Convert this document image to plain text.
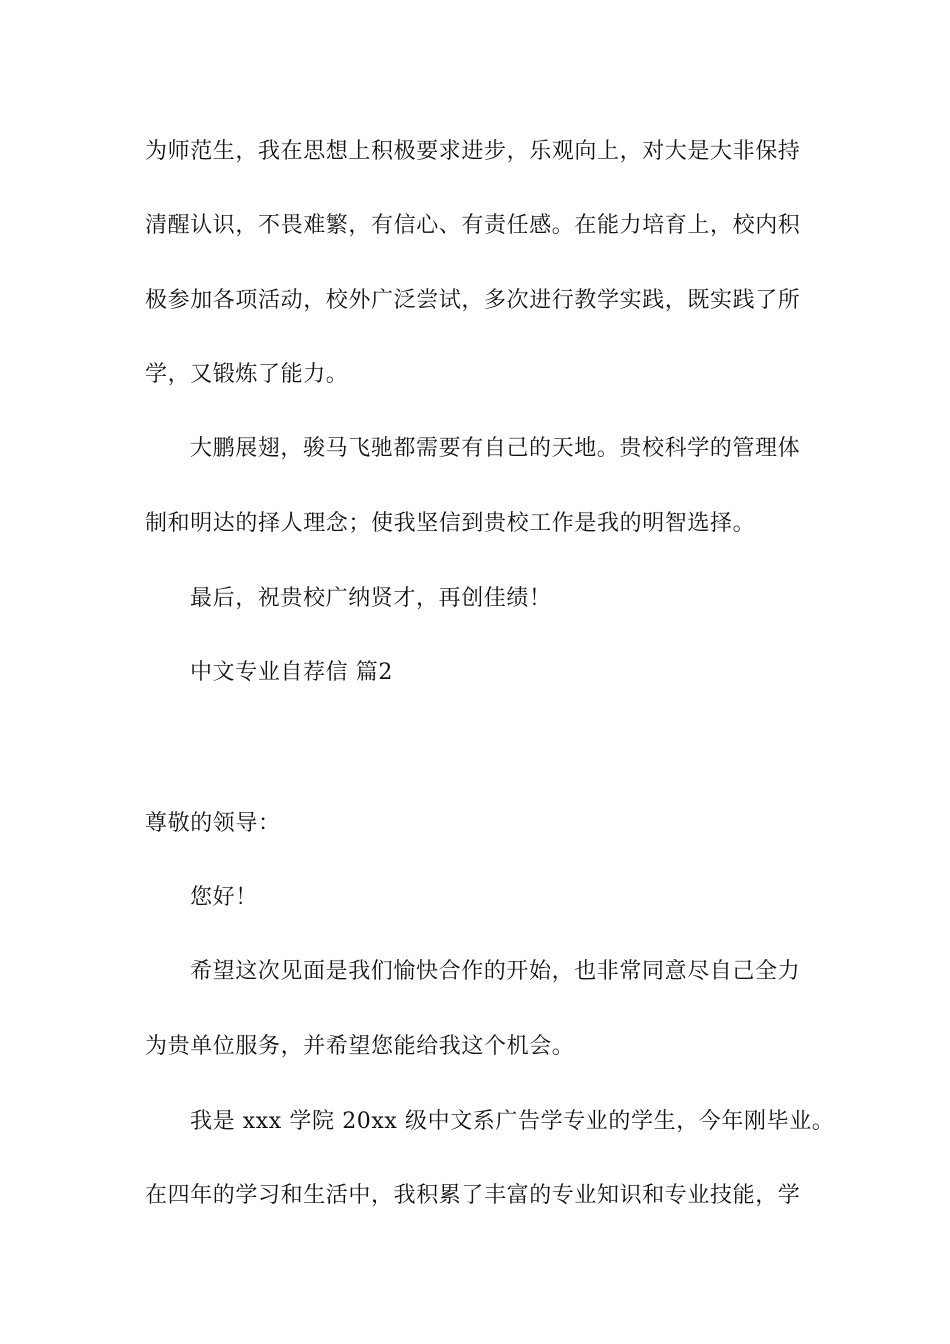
为师范生，我在思想上积极要求进步，乐观向上，对大是大非保持
清醒认识，不畏难繁，有信心、有责任感。在能力培育上，校内积
极参加各项活动，校外广泛尝试，多次进行教学实践，既实践了所
学，又锻炼了能力。
大鹏展翅，骏马飞驰都需要有自己的天地。贵校科学的管理体
制和明达的择人理念；使我坚信到贵校工作是我的明智选择。
最后，祝贵校广纳贤才，再创佳绩！
中文专业自荐信 篇2
尊敬的领导：
您好！
希望这次见面是我们愉快合作的开始，也非常同意尽自己全力
为贵单位服务，并希望您能给我这个机会。
我是 xxx 学院 20xx 级中文系广告学专业的学生，今年刚毕业。
在四年的学习和生活中，我积累了丰富的专业知识和专业技能，学
